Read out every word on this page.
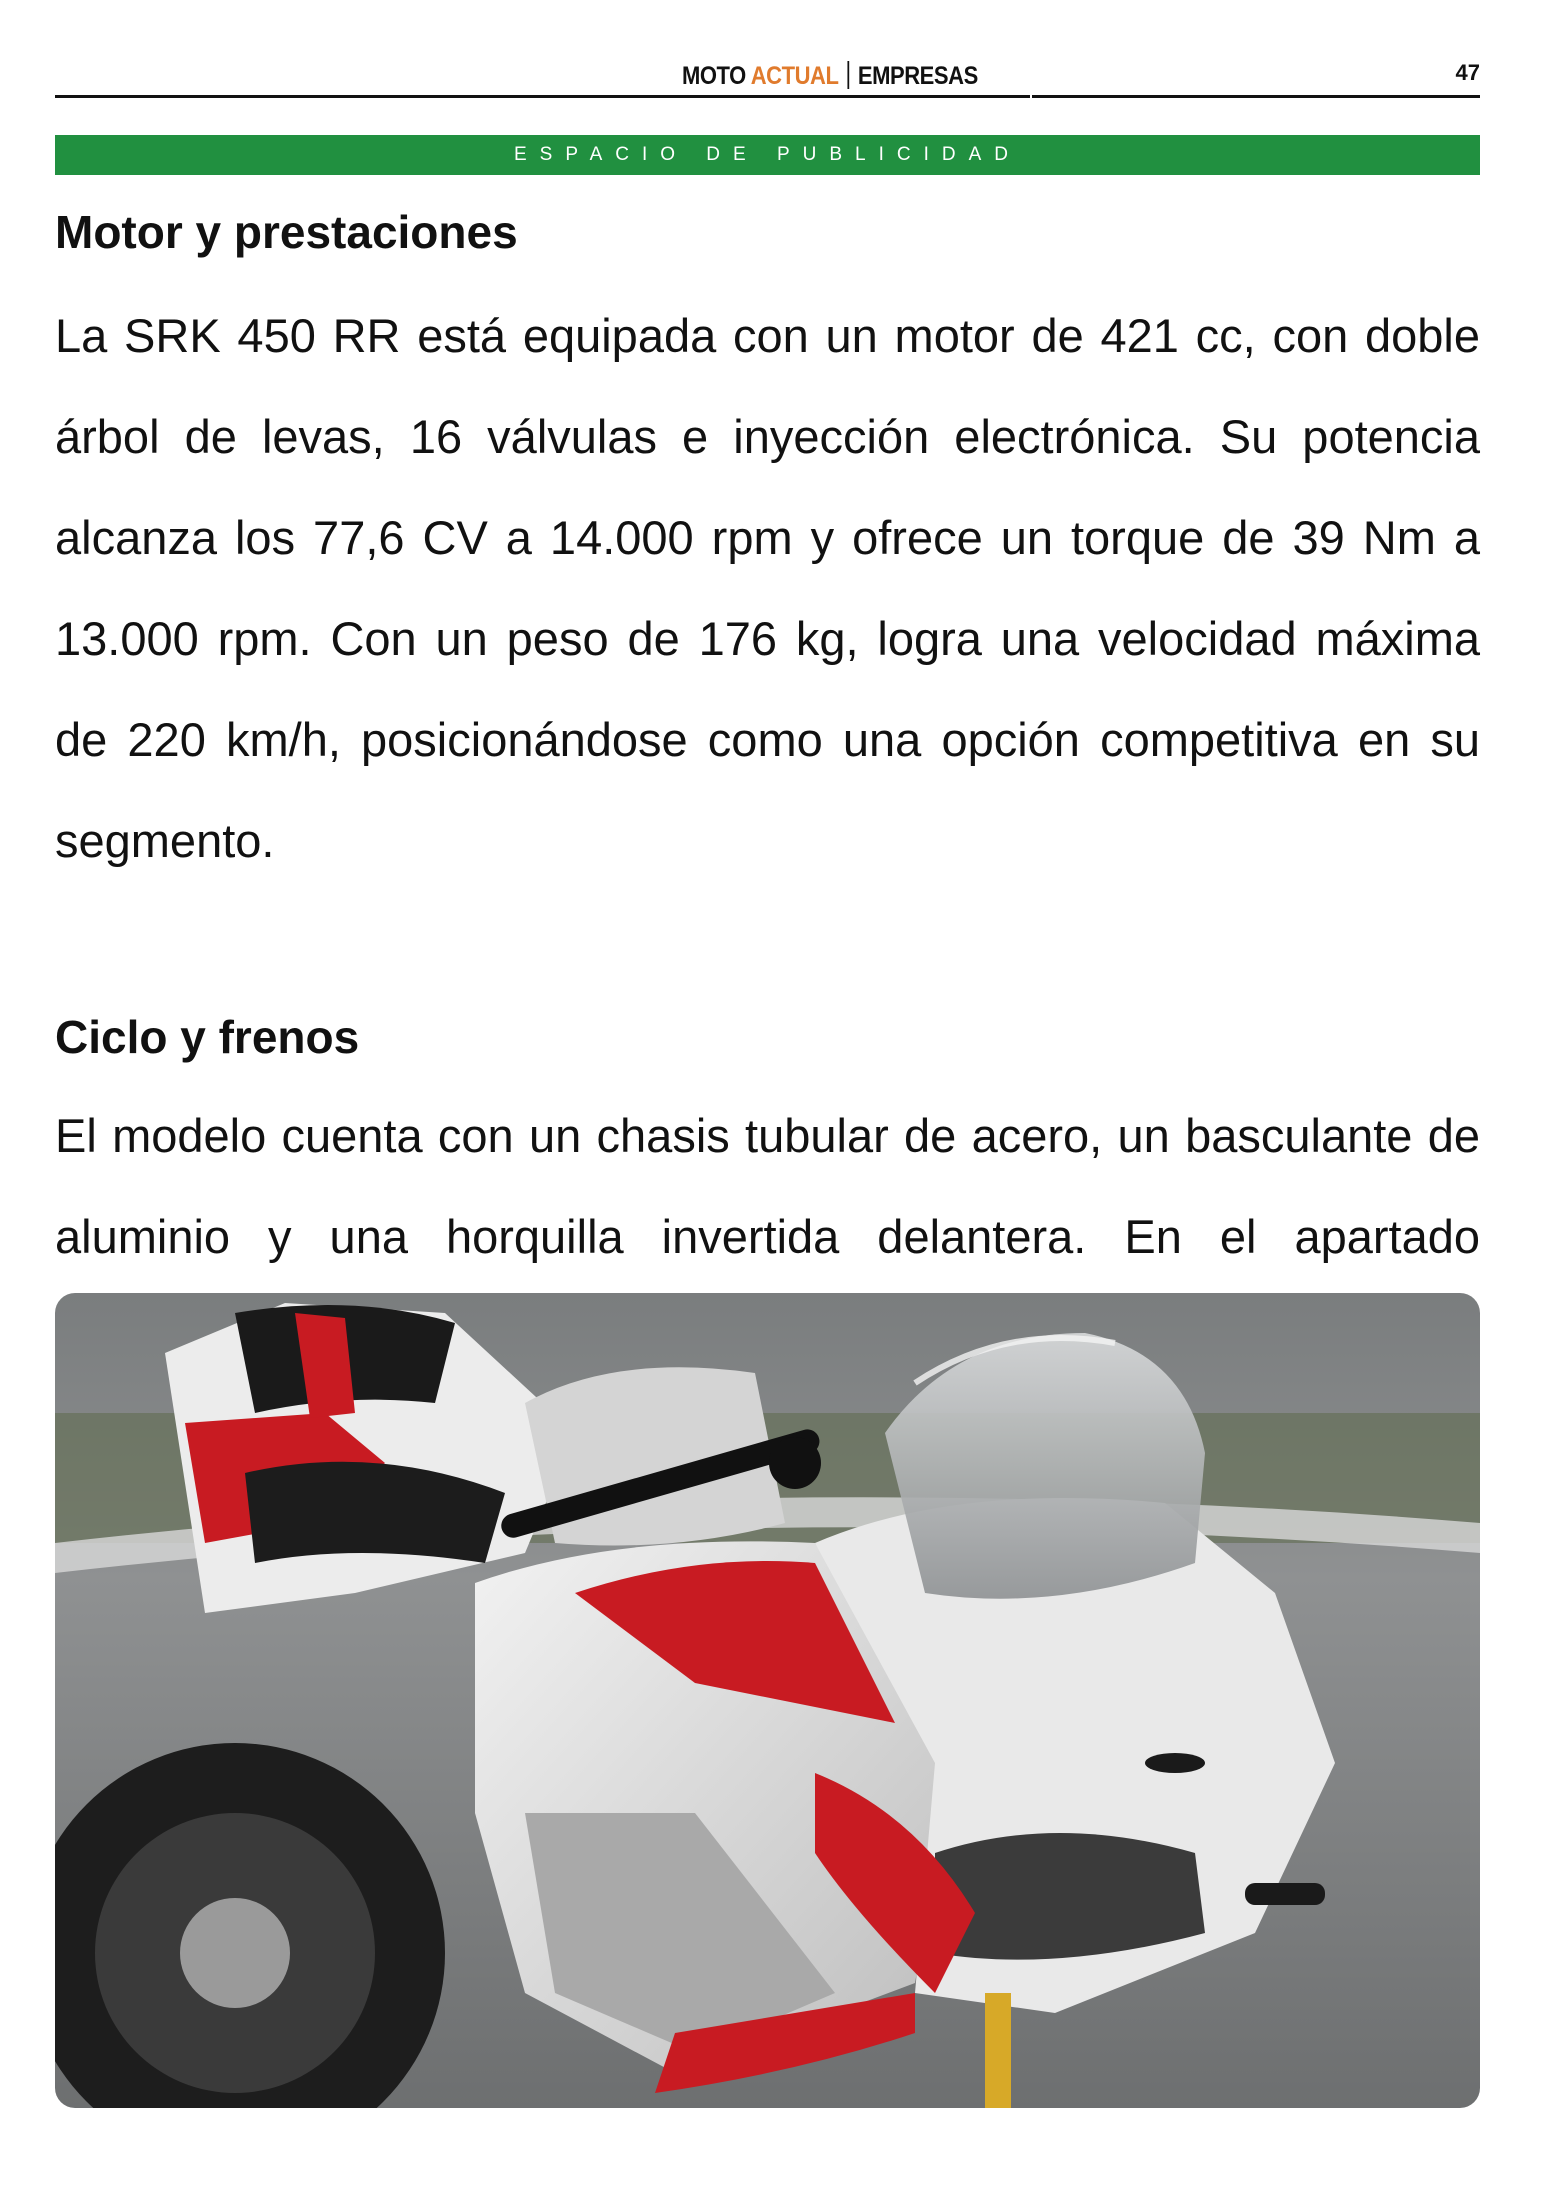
MOTO ACTUAL EMPRESAS	47
ESPACIO DE PUBLICIDAD
Motor y prestaciones

La SRK 450 RR está equipada con un motor de 421 cc, con doble árbol de levas, 16 válvulas e inyección electrónica. Su potencia alcanza los 77,6 CV a 14.000 rpm y ofrece un torque de 39 Nm a 13.000 rpm. Con un peso de 176 kg, logra una velocidad máxima de 220 km/h, posicionándose como una opción competitiva en su segmento.

Ciclo y frenos

El modelo cuenta con un chasis tubular de acero, un basculante de aluminio y una horquilla invertida delantera. En el apartado
